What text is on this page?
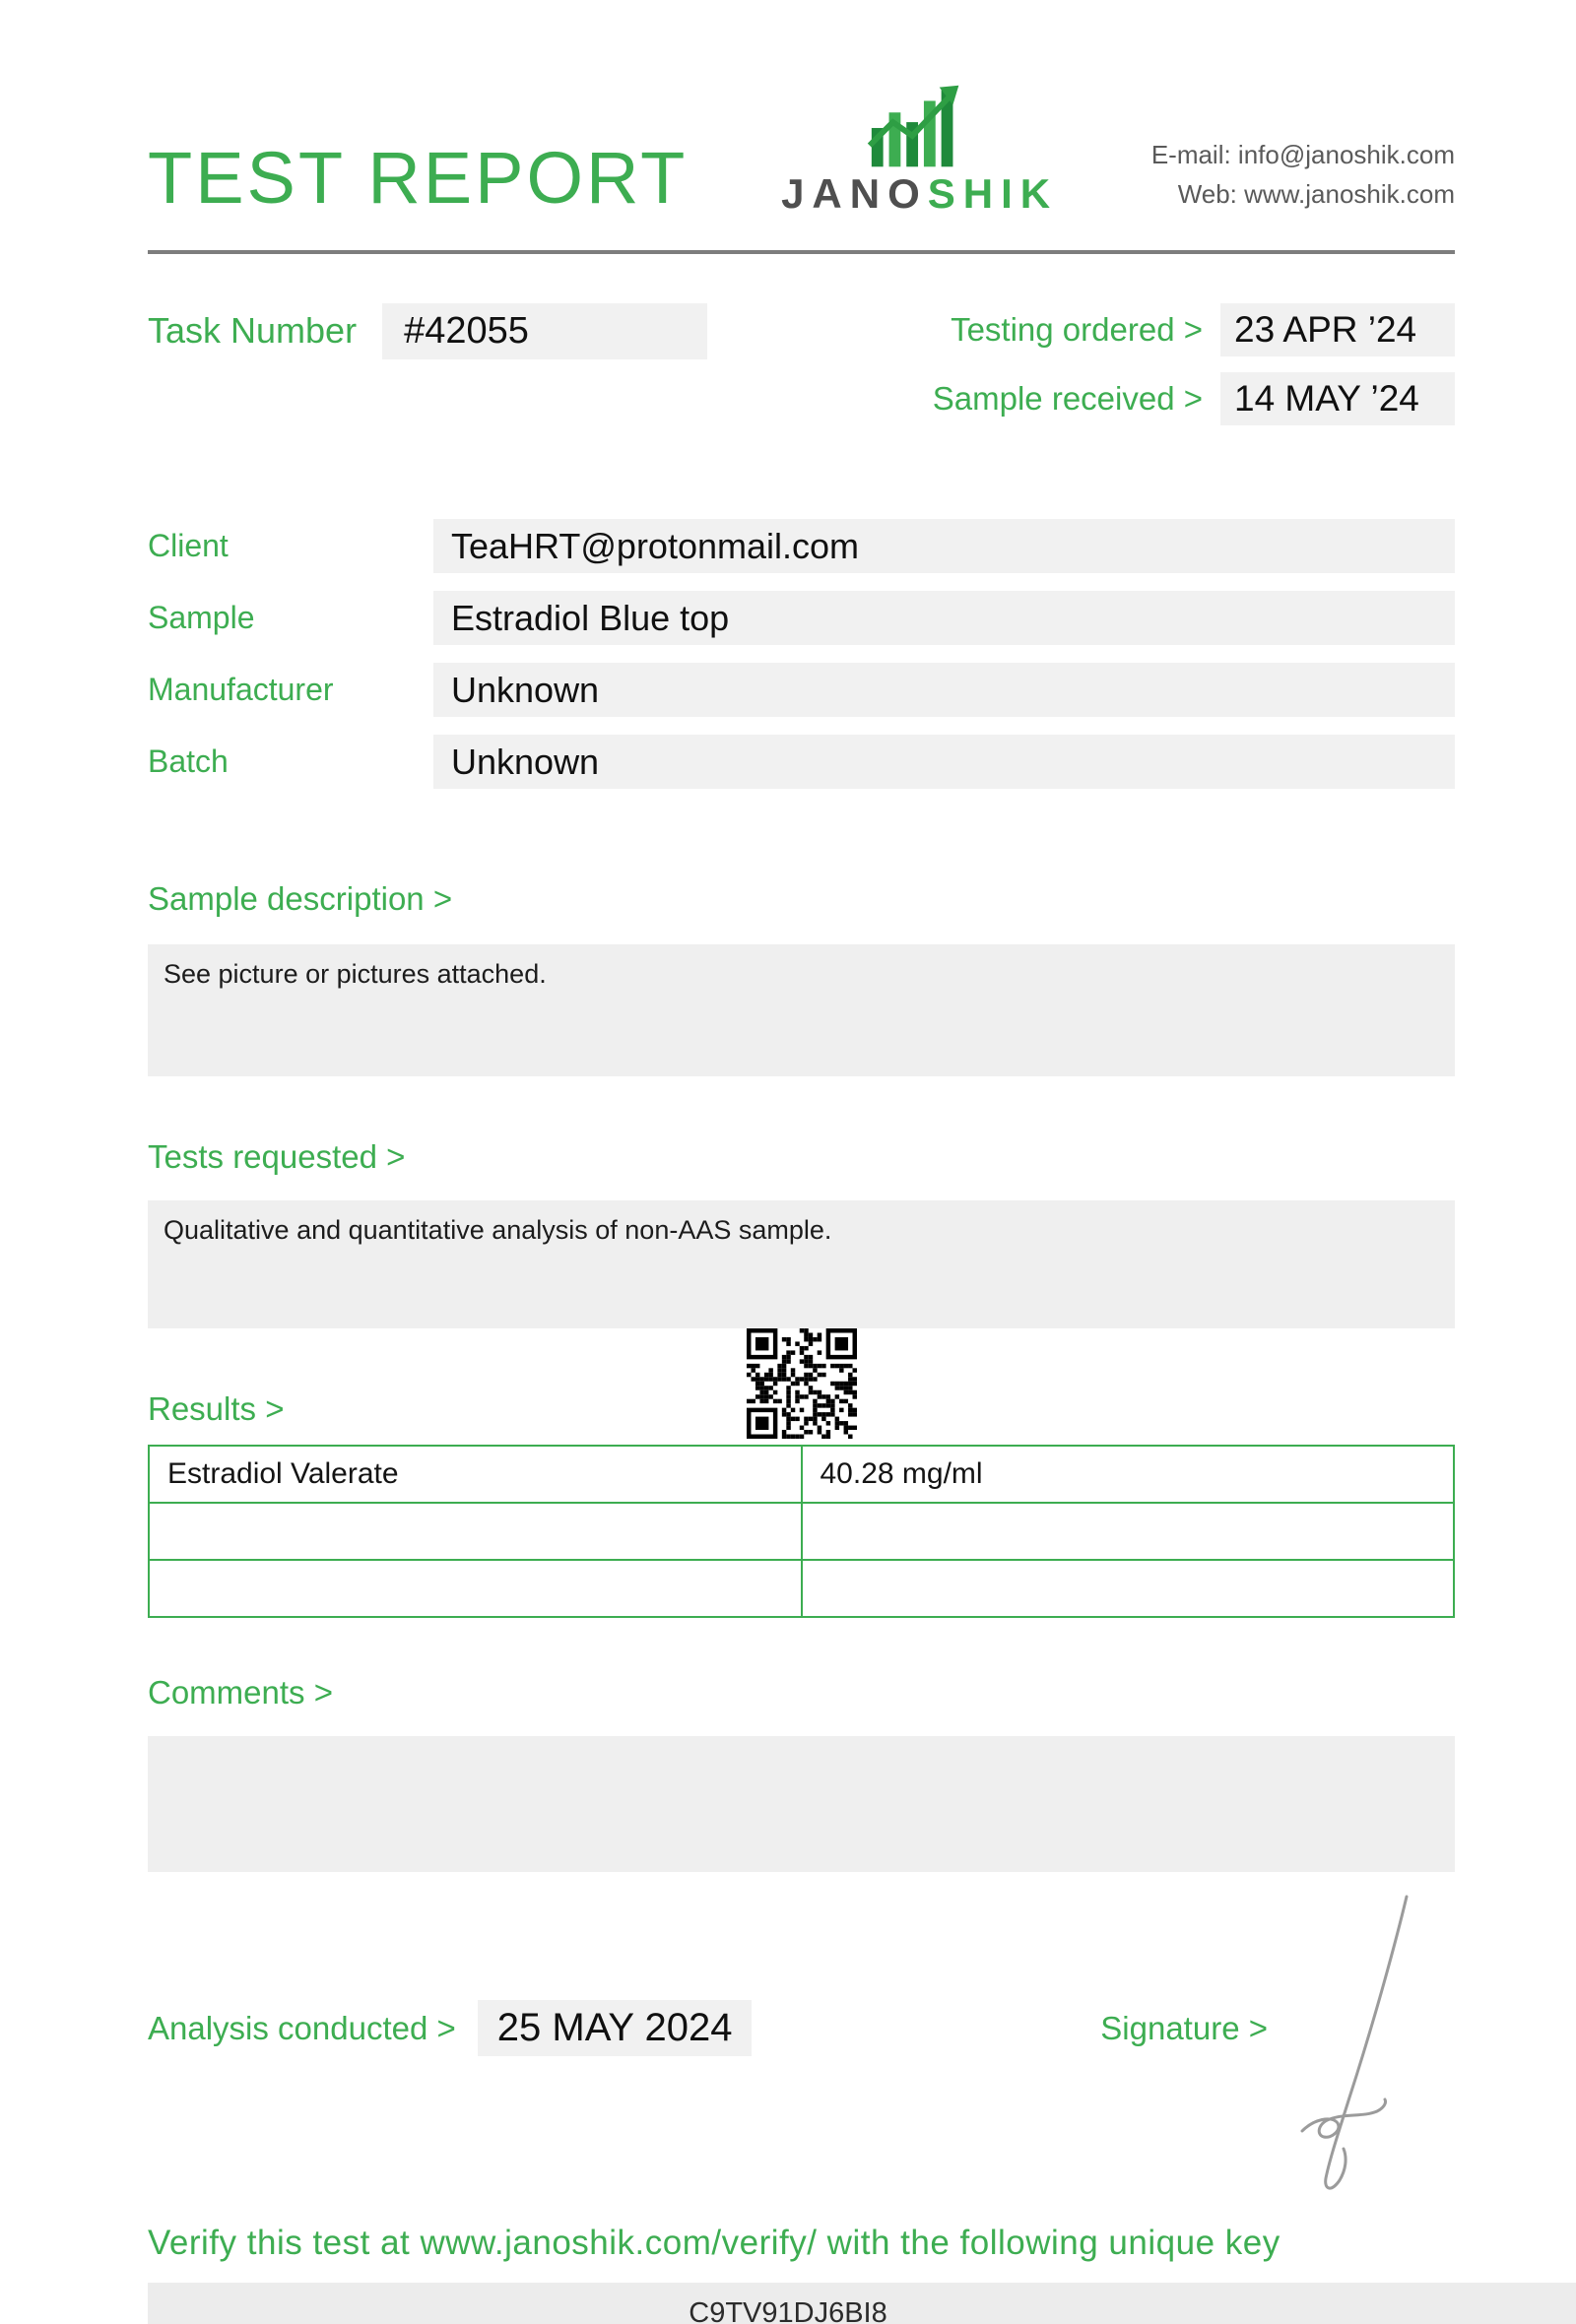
TEST REPORT JANOSHIK
E-mail: info@janoshik.com
Web: www.janoshik.com
Task Number	#42055	Testing ordered > 23 APR ’24
Sample received > 14 MAY ’24
Client	TeaHRT@protonmail.com
Sample	Estradiol Blue top
Manufacturer	Unknown
Batch	Unknown
Sample description >
See picture or pictures attached.
Tests requested >
Qualitative and quantitative analysis of non-AAS sample.
Results >
Estradiol Valerate	40.28 mg/ml

Comments >
Analysis conducted >	25 MAY 2024	Signature >
Verify this test at www.janoshik.com/verify/ with the following unique key
C9TV91DJ6BI8
